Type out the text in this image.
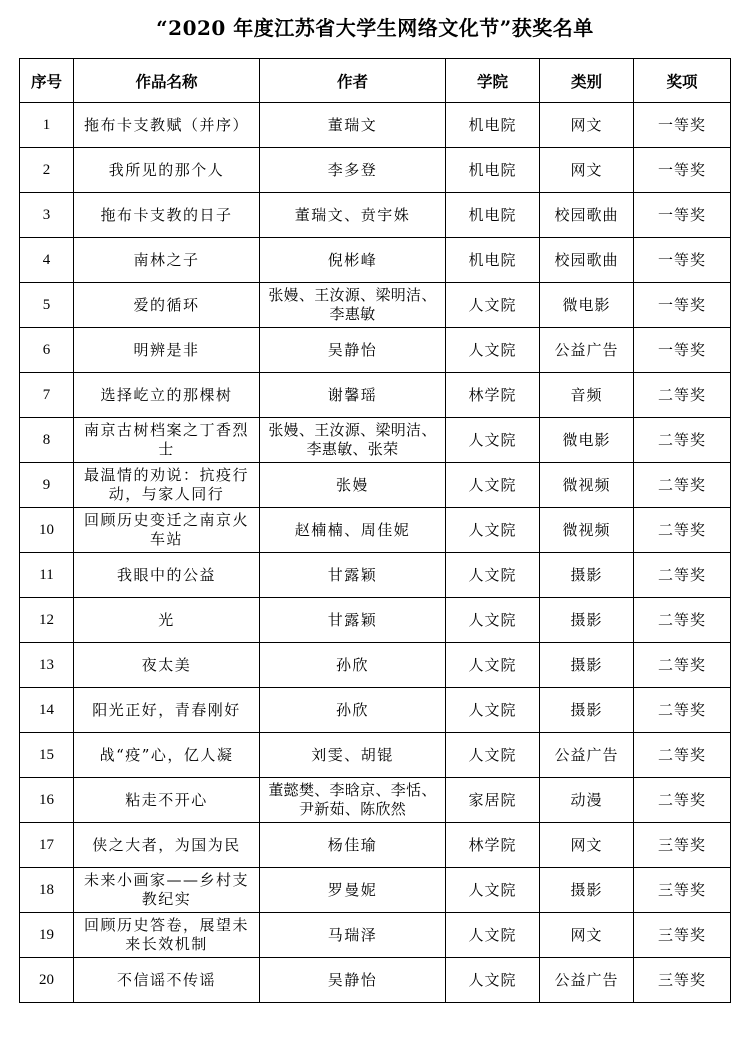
“2020 年度江苏省大学生网络文化节”获奖名单
序号	作品名称	作者	学院	类别	奖项
1	拖布卡支教赋（并序）	董瑞文	机电院	网文	一等奖
2	我所见的那个人	李多登	机电院	网文	一等奖
3	拖布卡支教的日子	董瑞文、贲宇姝	机电院	校园歌曲	一等奖
4	南林之子	倪彬峰	机电院	校园歌曲	一等奖
5	爱的循环	张嫚、王汝源、梁明洁、李惠敏	人文院	微电影	一等奖
6	明辨是非	吴静怡	人文院	公益广告	一等奖
7	选择屹立的那棵树	谢馨瑶	林学院	音频	二等奖
8	南京古树档案之丁香烈士	张嫚、王汝源、梁明洁、李惠敏、张荣	人文院	微电影	二等奖
9	最温情的劝说：抗疫行动，与家人同行	张嫚	人文院	微视频	二等奖
10	回顾历史变迁之南京火车站	赵楠楠、周佳妮	人文院	微视频	二等奖
11	我眼中的公益	甘露颖	人文院	摄影	二等奖
12	光	甘露颖	人文院	摄影	二等奖
13	夜太美	孙欣	人文院	摄影	二等奖
14	阳光正好，青春刚好	孙欣	人文院	摄影	二等奖
15	战“疫”心，亿人凝	刘雯、胡锟	人文院	公益广告	二等奖
16	粘走不开心	董懿樊、李晗京、李恬、尹新茹、陈欣然	家居院	动漫	二等奖
17	侠之大者，为国为民	杨佳瑜	林学院	网文	三等奖
18	未来小画家——乡村支教纪实	罗曼妮	人文院	摄影	三等奖
19	回顾历史答卷，展望未来长效机制	马瑞泽	人文院	网文	三等奖
20	不信谣不传谣	吴静怡	人文院	公益广告	三等奖
